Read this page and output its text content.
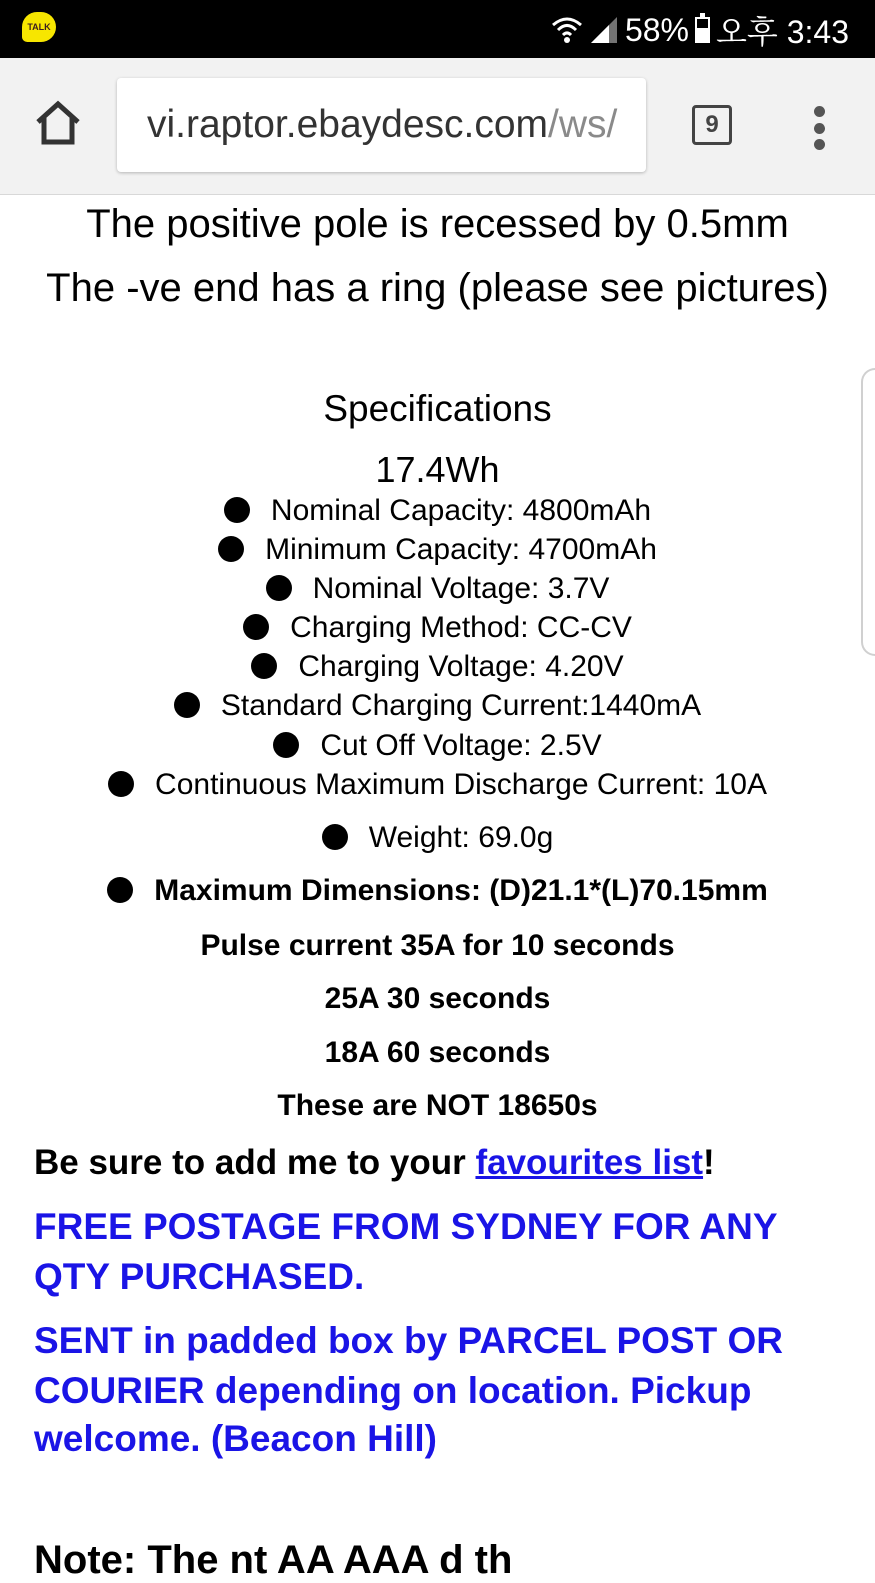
TALK	58% 오후 3:43
vi.raptor.ebaydesc.com/ws/	9
The positive pole is recessed by 0.5mm
The -ve end has a ring (please see pictures)
Specifications
17.4Wh
Nominal Capacity: 4800mAh
Minimum Capacity: 4700mAh
Nominal Voltage: 3.7V
Charging Method: CC-CV
Charging Voltage: 4.20V
Standard Charging Current:1440mA
Cut Off Voltage: 2.5V
Continuous Maximum Discharge Current: 10A
Weight: 69.0g
Maximum Dimensions: (D)21.1*(L)70.15mm
Pulse current 35A for 10 seconds
25A 30 seconds
18A 60 seconds
These are NOT 18650s
Be sure to add me to your favourites list!
FREE POSTAGE FROM SYDNEY FOR ANY
QTY PURCHASED.
SENT in padded box by PARCEL POST OR
COURIER depending on location. Pickup
welcome. (Beacon Hill)
Note: The nt AA AAA d th
